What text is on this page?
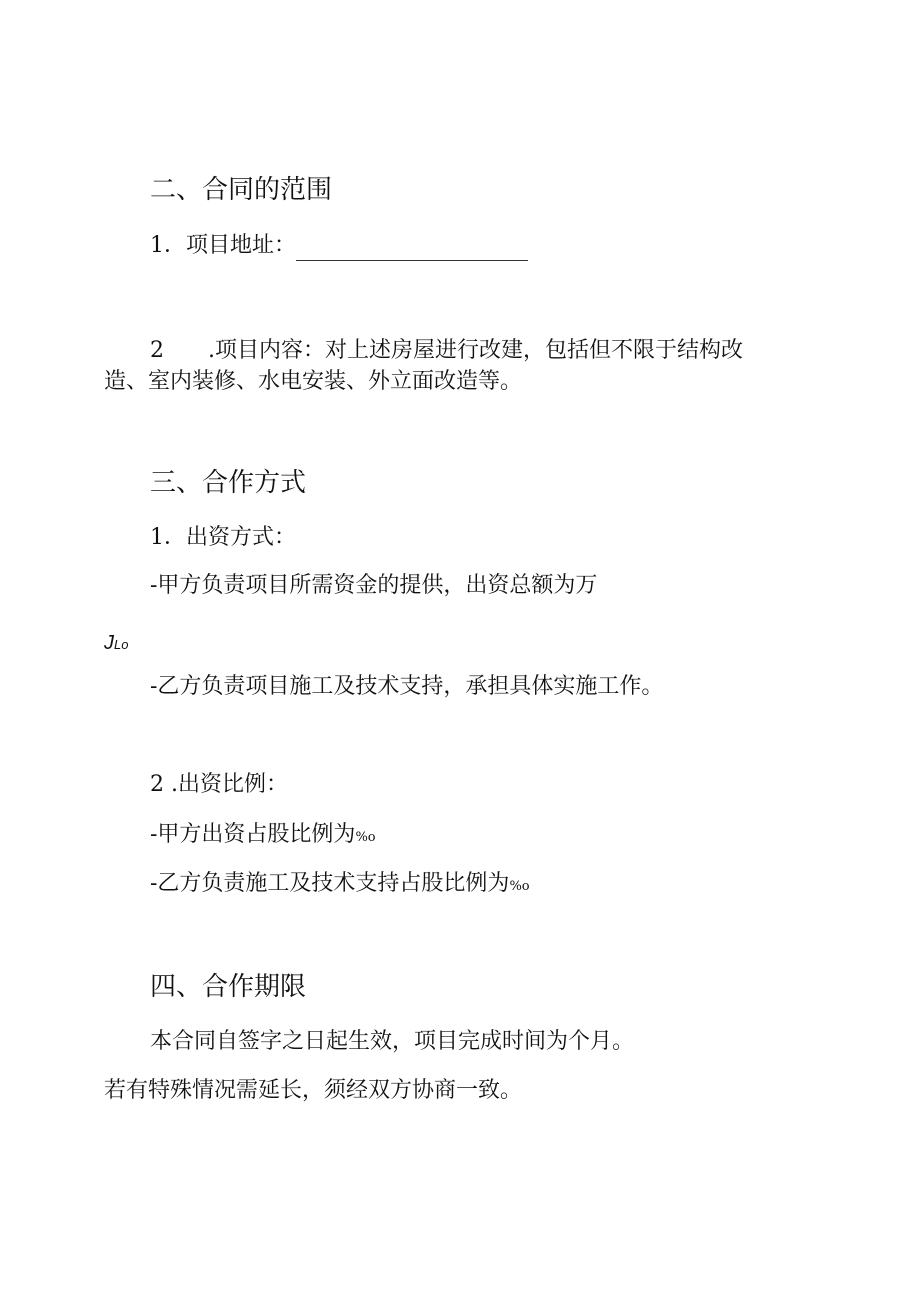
二、合同的范围
1．项目地址：
2 .项目内容：对上述房屋进行改建，包括但不限于结构改
造、室内装修、水电安装、外立面改造等。
三、合作方式
1．出资方式：
-甲方负责项目所需资金的提供，出资总额为万
JLo
-乙方负责项目施工及技术支持，承担具体实施工作。
2 .出资比例：
-甲方出资占股比例为%o
-乙方负责施工及技术支持占股比例为%o
四、合作期限
本合同自签字之日起生效，项目完成时间为个月。
若有特殊情况需延长，须经双方协商一致。
